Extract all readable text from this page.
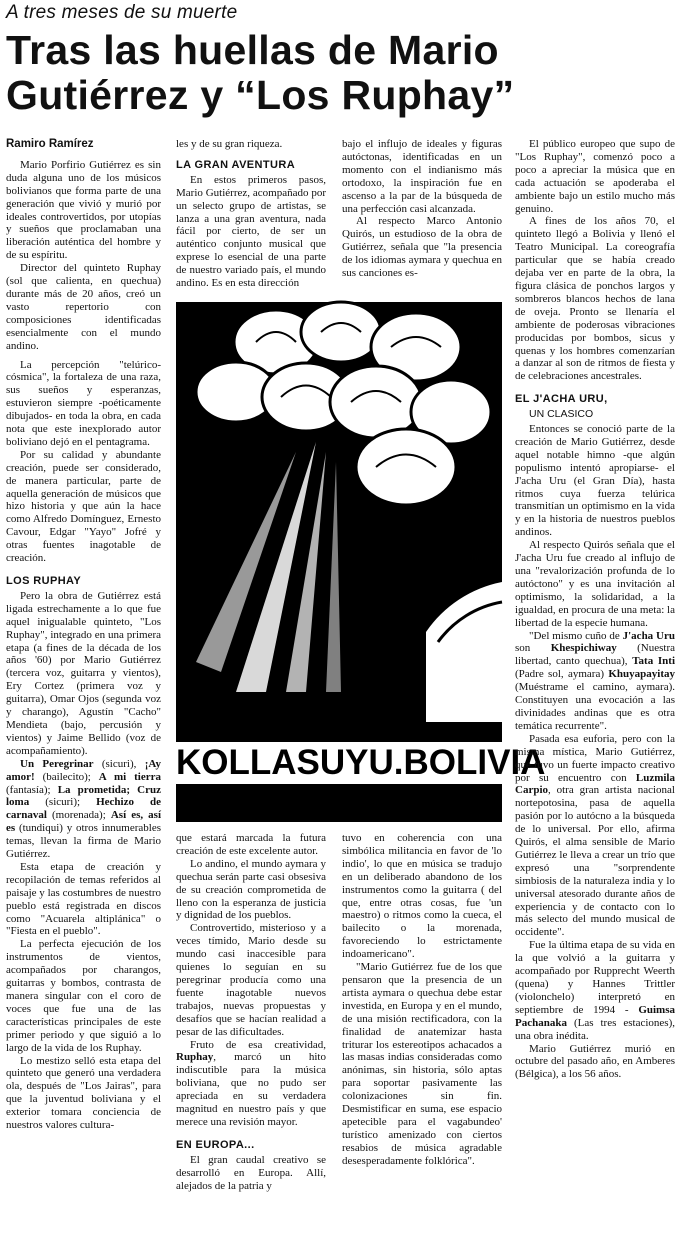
A tres meses de su muerte
Tras las huellas de Mario Gutiérrez y “Los Ruphay”
Ramiro Ramírez

Mario Porfirio Gutiérrez es sin duda alguna uno de los músicos bolivianos que forma parte de una generación que vivió y murió por ideales controvertidos, por utopías y sueños que proclamaban una liberación auténtica del hombre y de su espíritu.

Director del quinteto Ruphay (sol que calienta, en quechua) durante más de 20 años, creó un vasto repertorio con composiciones identificadas esencialmente con el mundo andino.

La percepción "telúrico-cósmica", la fortaleza de una raza, sus sueños y esperanzas, estuvieron siempre -poéticamente dibujados- en toda la obra, en cada nota que este inexplorado autor boliviano dejó en el pentagrama.

Por su calidad y abundante creación, puede ser considerado, de manera particular, parte de aquella generación de músicos que hizo historia y que aún la hace como Alfredo Domínguez, Ernesto Cavour, Edgar "Yayo" Jofré y otras fuentes inagotable de creación.

LOS RUPHAY

Pero la obra de Gutiérrez está ligada estrechamente a lo que fue aquel inigualable quinteto, "Los Ruphay", integrado en una primera etapa (a fines de la década de los años '60) por Mario Gutiérrez (tercera voz, guitarra y vientos), Ery Cortez (primera voz y guitarra), Omar Ojos (segunda voz y charango), Agustín "Cacho" Mendieta (bajo, percusión y vientos) y Jaime Bellido (voz de acompañamiento).

Un Peregrinar (sicuri), ¡Ay amor! (bailecito); A mi tierra (fantasía); La prometida; Cruz loma (sicuri); Hechizo de carnaval (morenada); Así es, así es (tundiqui) y otros innumerables temas, llevan la firma de Mario Gutiérrez.

Esta etapa de creación y recopilación de temas referidos al paisaje y las costumbres de nuestro pueblo está registrada en discos como "Acuarela altiplánica" o "Fiesta en el pueblo".

La perfecta ejecución de los instrumentos de vientos, acompañados por charangos, guitarras y bombos, contrasta de manera singular con el coro de voces que fue una de las características principales de este primer periodo y que siguió a lo largo de la vida de los Ruphay.

Lo mestizo selló esta etapa del quinteto que generó una verdadera ola, después de "Los Jairas", para que la juventud boliviana y el exterior tomara conciencia de nuestros valores cultura-

les y de su gran riqueza.

LA GRAN AVENTURA

En estos primeros pasos, Mario Gutiérrez, acompañado por un selecto grupo de artistas, se lanza a una gran aventura, nada fácil por cierto, de ser un auténtico conjunto musical que exprese lo esencial de una parte de nuestro variado país, el mundo andino. Es en esta dirección

bajo el influjo de ideales y figuras autóctonas, identificadas en un momento con el indianismo más ortodoxo, la inspiración fue en ascenso a la par de la búsqueda de una perfección casi alcanzada.

Al respecto Marco Antonio Quirós, un estudioso de la obra de Gutiérrez, señala que "la presencia de los idiomas aymara y quechua en sus canciones es-

KOLLASUYU.BOLIVIA

que estará marcada la futura creación de este excelente autor.

Lo andino, el mundo aymara y quechua serán parte casi obsesiva de su creación comprometida de lleno con la esperanza de justicia y dignidad de los pueblos.

Controvertido, misterioso y a veces tímido, Mario desde su mundo casi inaccesible para quienes lo seguían en su peregrinar producía como una fuente inagotable nuevos trabajos, nuevas propuestas y desafíos que se hacían realidad a pesar de las dificultades.

Fruto de esa creatividad, Ruphay, marcó un hito indiscutible para la música boliviana, que no pudo ser apreciada en su verdadera magnitud en nuestro país y que merece una revisión mayor.

EN EUROPA...

El gran caudal creativo se desarrolló en Europa. Allí, alejados de la patria y

tuvo en coherencia con una simbólica militancia en favor de 'lo indio', lo que en música se tradujo en un deliberado abandono de los instrumentos como la guitarra ( del que, entre otras cosas, fue 'un maestro) o ritmos como la cueca, el bailecito o la morenada, favoreciendo lo estrictamente indoamericano".

"Mario Gutiérrez fue de los que pensaron que la presencia de un artista aymara o quechua debe estar investida, en Europa y en el mundo, de una misión rectificadora, con la finalidad de anatemizar hasta triturar los estereotipos achacados a las masas indias consideradas como anónimas, sin historia, sólo aptas para soportar pasivamente las colonizaciones sin fin. Desmistificar en suma, ese espacio apetecible para el vagabundeo' turístico amenizado con ciertos resabios de música agradable desesperadamente folklórica".

El público europeo que supo de "Los Ruphay", comenzó poco a poco a apreciar la música que en cada actuación se apoderaba el ambiente bajo un estilo mucho más genuino.

A fines de los años 70, el quinteto llegó a Bolivia y llenó el Teatro Municipal. La coreografía particular que se había creado dejaba ver en parte de la obra, la figura clásica de ponchos largos y sombreros blancos hechos de lana de oveja. Pronto se llenaría el ambiente de poderosas vibraciones producidas por bombos, sicus y quenas y los hombres comenzarían a danzar al son de ritmos de fiesta y de celebraciones ancestrales.

EL J'ACHA URU,
UN CLASICO

Entonces se conoció parte de la creación de Mario Gutiérrez, desde aquel notable himno -que algún populismo intentó apropiarse- el J'acha Uru (el Gran Día), hasta ritmos cuya fuerza telúrica transmitían un optimismo en la vida y en la historia de nuestros pueblos andinos.

Al respecto Quirós señala que el J'acha Uru fue creado al influjo de una "revalorización profunda de lo autóctono" y es una invitación al optimismo, la solidaridad, a la igualdad, en procura de una meta: la libertad de la especie humana.

"Del mismo cuño de J'acha Uru son Khespichiway (Nuestra libertad, canto quechua), Tata Inti (Padre sol, aymara) Khuyapayitay (Muéstrame el camino, aymara). Constituyen una evocación a las divinidades andinas que es otra temática recurrente".

Pasada esa euforia, pero con la misma mística, Mario Gutiérrez, que tuvo un fuerte impacto creativo por su encuentro con Luzmila Carpio, otra gran artista nacional nortepotosina, pasa de aquella pasión por lo autócno a la búsqueda de lo universal. Por ello, afirma Quirós, el alma sensible de Mario Gutiérrez le lleva a crear un trío que expresó una "sorprendente simbiosis de la naturaleza india y lo universal atesorado durante años de experiencia y de contacto con lo más selecto del mundo musical de occidente".

Fue la última etapa de su vida en la que volvió a la guitarra y acompañado por Rupprecht Weerth (quena) y Hannes Trittler (violonchelo) interpretó en septiembre de 1994 - Guimsa Pachanaka (Las tres estaciones), una obra inédita.

Mario Gutiérrez murió en octubre del pasado año, en Amberes (Bélgica), a los 56 años.
